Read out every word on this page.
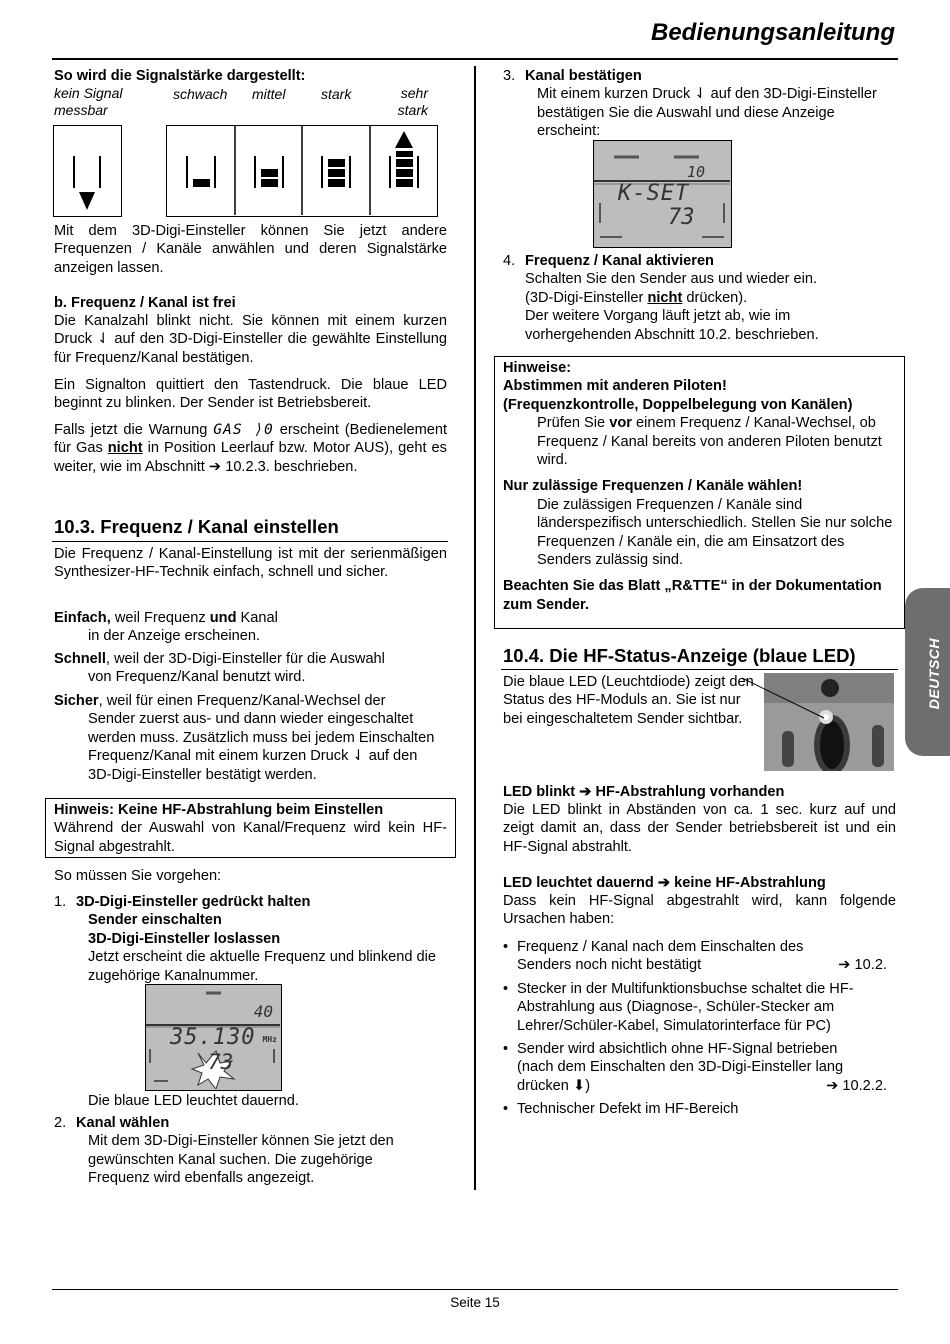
Bedienungsanleitung
DEUTSCH
So wird die Signalstärke dargestellt:
kein Signal messbar
schwach mittel	stark	sehr stark
Mit dem 3D-Digi-Einsteller können Sie jetzt andere Frequenzen / Kanäle anwählen und deren Signalstärke anzeigen lassen.
b. Frequenz / Kanal ist frei
Die Kanalzahl blinkt nicht. Sie können mit einem kurzen Druck ⇃ auf den 3D-Digi-Einsteller die gewählte Einstellung für Frequenz/Kanal bestätigen.
Ein Signalton quittiert den Tastendruck. Die blaue LED beginnt zu blinken. Der Sender ist Betriebsbereit.
Falls jetzt die Warnung GAS ⟩0 erscheint (Bedienelement für Gas nicht in Position Leerlauf bzw. Motor AUS), geht es weiter, wie im Abschnitt ➔ 10.2.3. beschrieben.
10.3. Frequenz / Kanal einstellen
Die Frequenz / Kanal-Einstellung ist mit der serienmäßigen Synthesizer-HF-Technik einfach, schnell und sicher.
Einfach, weil Frequenz und Kanal
in der Anzeige erscheinen.
Schnell, weil der 3D-Digi-Einsteller für die Auswahl
von Frequenz/Kanal benutzt wird.
Sicher, weil für einen Frequenz/Kanal-Wechsel der
Sender zuerst aus- und dann wieder eingeschaltet werden muss. Zusätzlich muss bei jedem Einschalten Frequenz/Kanal mit einem kurzen Druck ⇃ auf den 3D-Digi-Einsteller bestätigt werden.
Hinweis: Keine HF-Abstrahlung beim Einstellen
Während der Auswahl von Kanal/Frequenz wird kein HF-Signal abgestrahlt.
So müssen Sie vorgehen:
1. 3D-Digi-Einsteller gedrückt halten
Sender einschalten
3D-Digi-Einsteller loslassen
Jetzt erscheint die aktuelle Frequenz und blinkend die zugehörige Kanalnummer.
40
35.130 MHz
73
Die blaue LED leuchtet dauernd.
2. Kanal wählen
Mit dem 3D-Digi-Einsteller können Sie jetzt den gewünschten Kanal suchen. Die zugehörige Frequenz wird ebenfalls angezeigt.
3. Kanal bestätigen
Mit einem kurzen Druck ⇃ auf den 3D-Digi-Einsteller bestätigen Sie die Auswahl und diese Anzeige erscheint:
10
K-SET
73
4. Frequenz / Kanal aktivieren
Schalten Sie den Sender aus und wieder ein.
(3D-Digi-Einsteller nicht drücken).
Der weitere Vorgang läuft jetzt ab, wie im vorhergehenden Abschnitt 10.2. beschrieben.
Hinweise:
Abstimmen mit anderen Piloten!
(Frequenzkontrolle, Doppelbelegung von Kanälen)
Prüfen Sie vor einem Frequenz / Kanal-Wechsel, ob Frequenz / Kanal bereits von anderen Piloten benutzt wird.
Nur zulässige Frequenzen / Kanäle wählen!
Die zulässigen Frequenzen / Kanäle sind länderspezifisch unterschiedlich. Stellen Sie nur solche Frequenzen / Kanäle ein, die am Einsatzort des Senders zulässig sind.
Beachten Sie das Blatt „R&TTE“ in der Dokumentation zum Sender.
10.4. Die HF-Status-Anzeige (blaue LED)
Die blaue LED (Leuchtdiode) zeigt den Status des HF-Moduls an. Sie ist nur bei eingeschaltetem Sender sichtbar.
LED blinkt ➔ HF-Abstrahlung vorhanden
Die LED blinkt in Abständen von ca. 1 sec. kurz auf und zeigt damit an, dass der Sender betriebsbereit ist und ein HF-Signal abstrahlt.
LED leuchtet dauernd ➔ keine HF-Abstrahlung
Dass kein HF-Signal abgestrahlt wird, kann folgende Ursachen haben:
• Frequenz / Kanal nach dem Einschalten des Senders noch nicht bestätigt	➔ 10.2.
• Stecker in der Multifunktionsbuchse schaltet die HF-Abstrahlung aus (Diagnose-, Schüler-Stecker am Lehrer/Schüler-Kabel, Simulatorinterface für PC)
• Sender wird absichtlich ohne HF-Signal betrieben (nach dem Einschalten den 3D-Digi-Einsteller lang drücken ⬇)	➔ 10.2.2.
• Technischer Defekt im HF-Bereich
Seite 15
